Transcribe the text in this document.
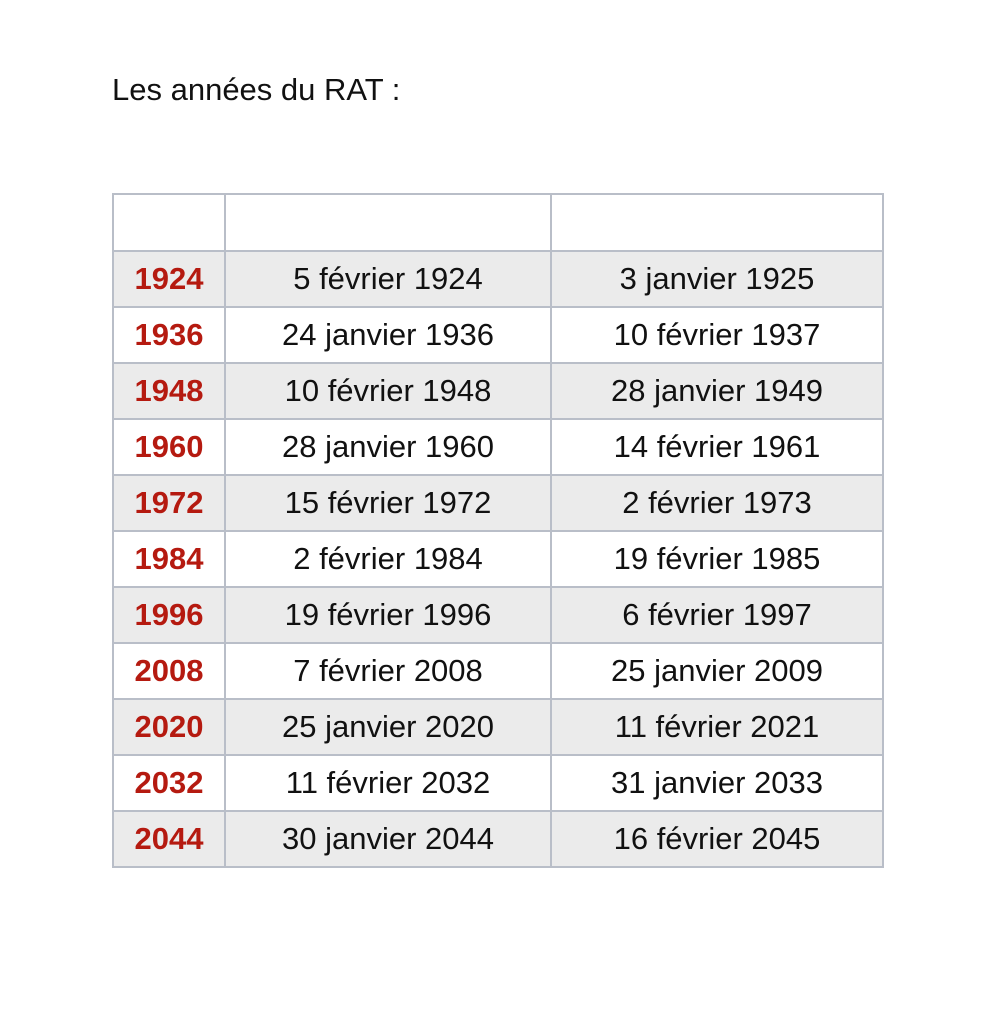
Les années du RAT :

1924	5 février 1924	3 janvier 1925
1936	24 janvier 1936	10 février 1937
1948	10 février 1948	28 janvier 1949
1960	28 janvier 1960	14 février 1961
1972	15 février 1972	2 février 1973
1984	2 février 1984	19 février 1985
1996	19 février 1996	6 février 1997
2008	7 février 2008	25 janvier 2009
2020	25 janvier 2020	11 février 2021
2032	11 février 2032	31 janvier 2033
2044	30 janvier 2044	16 février 2045
